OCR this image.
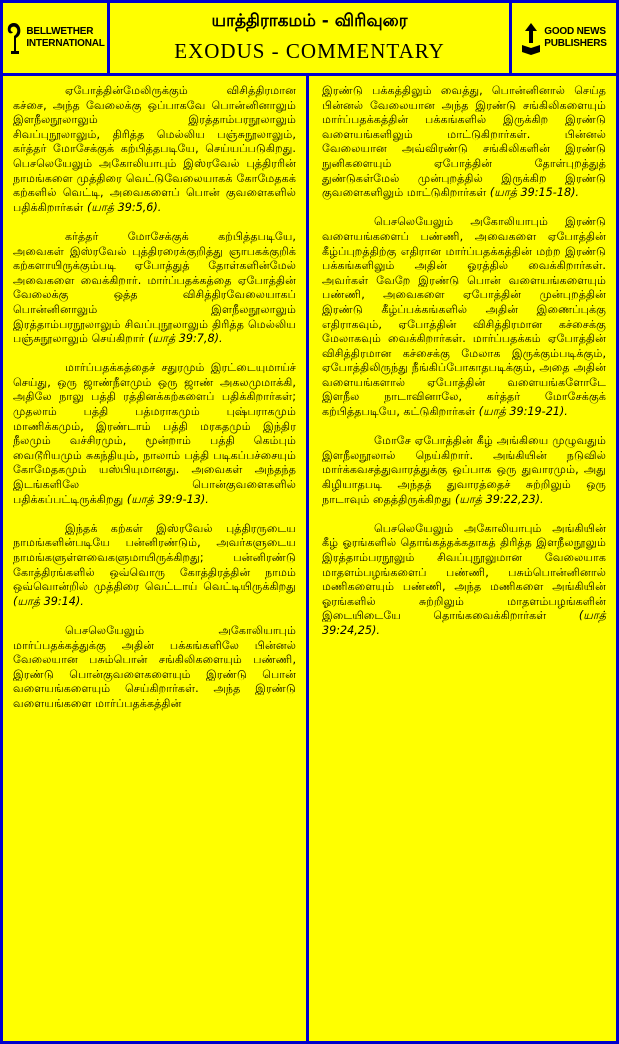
BELLWETHER
INTERNATIONAL
யாத்திராகமம் - விரிவுரை
EXODUS - COMMENTARY
GOOD NEWS
PUBLISHERS

ஏபோத்தின்மேலிருக்கும் விசித்திரமான கச்சை, அந்த வேலைக்கு ஒப்பாகவே பொன்னினாலும் இளநீலநூலாலும் இரத்தாம்பரநூலாலும் சிவப்புநூலாலும், திரித்த மெல்லிய பஞ்சுநூலாலும், கர்த்தர் மோசேக்குக் கற்பித்தபடியே, செய்யப்படுகிறது. பெசலெயேலும் அகோலியாபும் இஸ்ரவேல் புத்திரரின் நாமங்களை முத்திரை வெட்டுவேலையாகக் கோமேதகக் கற்களில் வெட்டி, அவைகளைப் பொன் குவளைகளில் பதிக்கிறார்கள் (யாத் 39:5,6).

கர்த்தர் மோசேக்குக் கற்பித்தபடியே, அவைகள் இஸ்ரவேல் புத்திரரைக்குறித்து ஞாபகக்குறிக் கற்களாயிருக்கும்படி ஏபோத்துத் தோள்களின்மேல் அவைகளை வைக்கிறார். மார்ப்பதக்கத்தை ஏபோத்தின் வேலைக்கு ஒத்த விசித்திரவேலையாகப் பொன்னினாலும் இளநீலநூலாலும் இரத்தாம்பரநூலாலும் சிவப்புநூலாலும் திரித்த மெல்லிய பஞ்சுநூலாலும் செய்கிறார் (யாத் 39:7,8).

மார்ப்பதக்கத்தைச் சதுரமும் இரட்டையுமாய்ச் செய்து, ஒரு ஜாண்நீளமும் ஒரு ஜாண் அகலமுமாக்கி, அதிலே நாலு பத்தி ரத்தினக்கற்களைப் பதிக்கிறார்கள்; முதலாம் பத்தி பத்மராகமும் புஷ்பராகமும் மாணிக்கமும், இரண்டாம் பத்தி மரகதமும் இந்திர நீலமும் வச்சிரமும், மூன்றாம் பத்தி கெம்பும் வைடூரியமும் சுகந்தியும், நாலாம் பத்தி படிகப்பச்சையும் கோமேதகமும் யஸ்பியுமானது. அவைகள் அந்தந்த இடங்களிலே பொன்குவளைகளில் பதிக்கப்பட்டிருக்கிறது (யாத் 39:9-13).

இந்தக் கற்கள் இஸ்ரவேல் புத்திரருடைய நாமங்களின்படியே பன்னிரண்டும், அவர்களுடைய நாமங்களுள்ளவைகளுமாயிருக்கிறது; பன்னிரண்டு கோத்திரங்களில் ஒவ்வொரு கோத்திரத்தின் நாமம் ஒவ்வொன்றில் முத்திரை வெட்டாய் வெட்டியிருக்கிறது (யாத் 39:14).

பெசலெயேலும் அகோலியாபும் மார்ப்பதக்கத்துக்கு அதின் பக்கங்களிலே பின்னல் வேலையான பசும்பொன் சங்கிலிகளையும் பண்ணி, இரண்டு பொன்குவளைகளையும் இரண்டு பொன் வளையங்களையும் செய்கிறார்கள். அந்த இரண்டு வளையங்களை மார்ப்பதக்கத்தின்

இரண்டு பக்கத்திலும் வைத்து, பொன்னினால் செய்த பின்னல் வேலையான அந்த இரண்டு சங்கிலிகளையும் மார்ப்பதக்கத்தின் பக்கங்களில் இருக்கிற இரண்டு வளையங்களிலும் மாட்டுகிறார்கள். பின்னல் வேலையான அவ்விரண்டு சங்கிலிகளின் இரண்டு நுனிகளையும் ஏபோத்தின் தோள்புறத்துத் துண்டுகள்மேல் முன்புறத்தில் இருக்கிற இரண்டு குவளைகளிலும் மாட்டுகிறார்கள் (யாத் 39:15-18).

பெசலெயேலும் அகோலியாபும் இரண்டு வளையங்களைப் பண்ணி, அவைகளை ஏபோத்தின் கீழ்ப்புறத்திற்கு எதிரான மார்ப்பதக்கத்தின் மற்ற இரண்டு பக்கங்களிலும் அதின் ஓரத்தில் வைக்கிறார்கள். அவர்கள் வேறே இரண்டு பொன் வளையங்களையும் பண்ணி, அவைகளை ஏபோத்தின் முன்புறத்தின் இரண்டு கீழ்ப்பக்கங்களில் அதின் இணைப்புக்கு எதிராகவும், ஏபோத்தின் விசித்திரமான கச்சைக்கு மேலாகவும் வைக்கிறார்கள். மார்ப்பதக்கம் ஏபோத்தின் விசித்திரமான கச்சைக்கு மேலாக இருக்கும்படிக்கும், ஏபோத்திலிருந்து நீங்கிப்போகாதபடிக்கும், அதை அதின் வளையங்களால் ஏபோத்தின் வளையங்களோடே இளநீல நாடாவினாலே, கர்த்தர் மோசேக்குக் கற்பித்தபடியே, கட்டுகிறார்கள் (யாத் 39:19-21).

மோசே ஏபோத்தின் கீழ் அங்கியை முழுவதும் இளநீலநூலால் நெய்கிறார். அங்கியின் நடுவில் மார்க்கவசத்துவாரத்துக்கு ஒப்பாக ஒரு துவாரமும், அது கிழியாதபடி அந்தத் துவாரத்தைச் சுற்றிலும் ஒரு நாடாவும் தைத்திருக்கிறது (யாத் 39:22,23).

பெசலெயேலும் அகோலியாபும் அங்கியின் கீழ் ஓரங்களில் தொங்கத்தக்கதாகத் திரித்த இளநீலநூலும் இரத்தாம்பரநூலும் சிவப்புநூலுமான வேலையாக மாதளம்பழங்களைப் பண்ணி, பசும்பொன்னினால் மணிகளையும் பண்ணி, அந்த மணிகளை அங்கியின் ஓரங்களில் சுற்றிலும் மாதளம்பழங்களின் இடையிடையே தொங்கவைக்கிறார்கள்	(யாத் 39:24,25).
